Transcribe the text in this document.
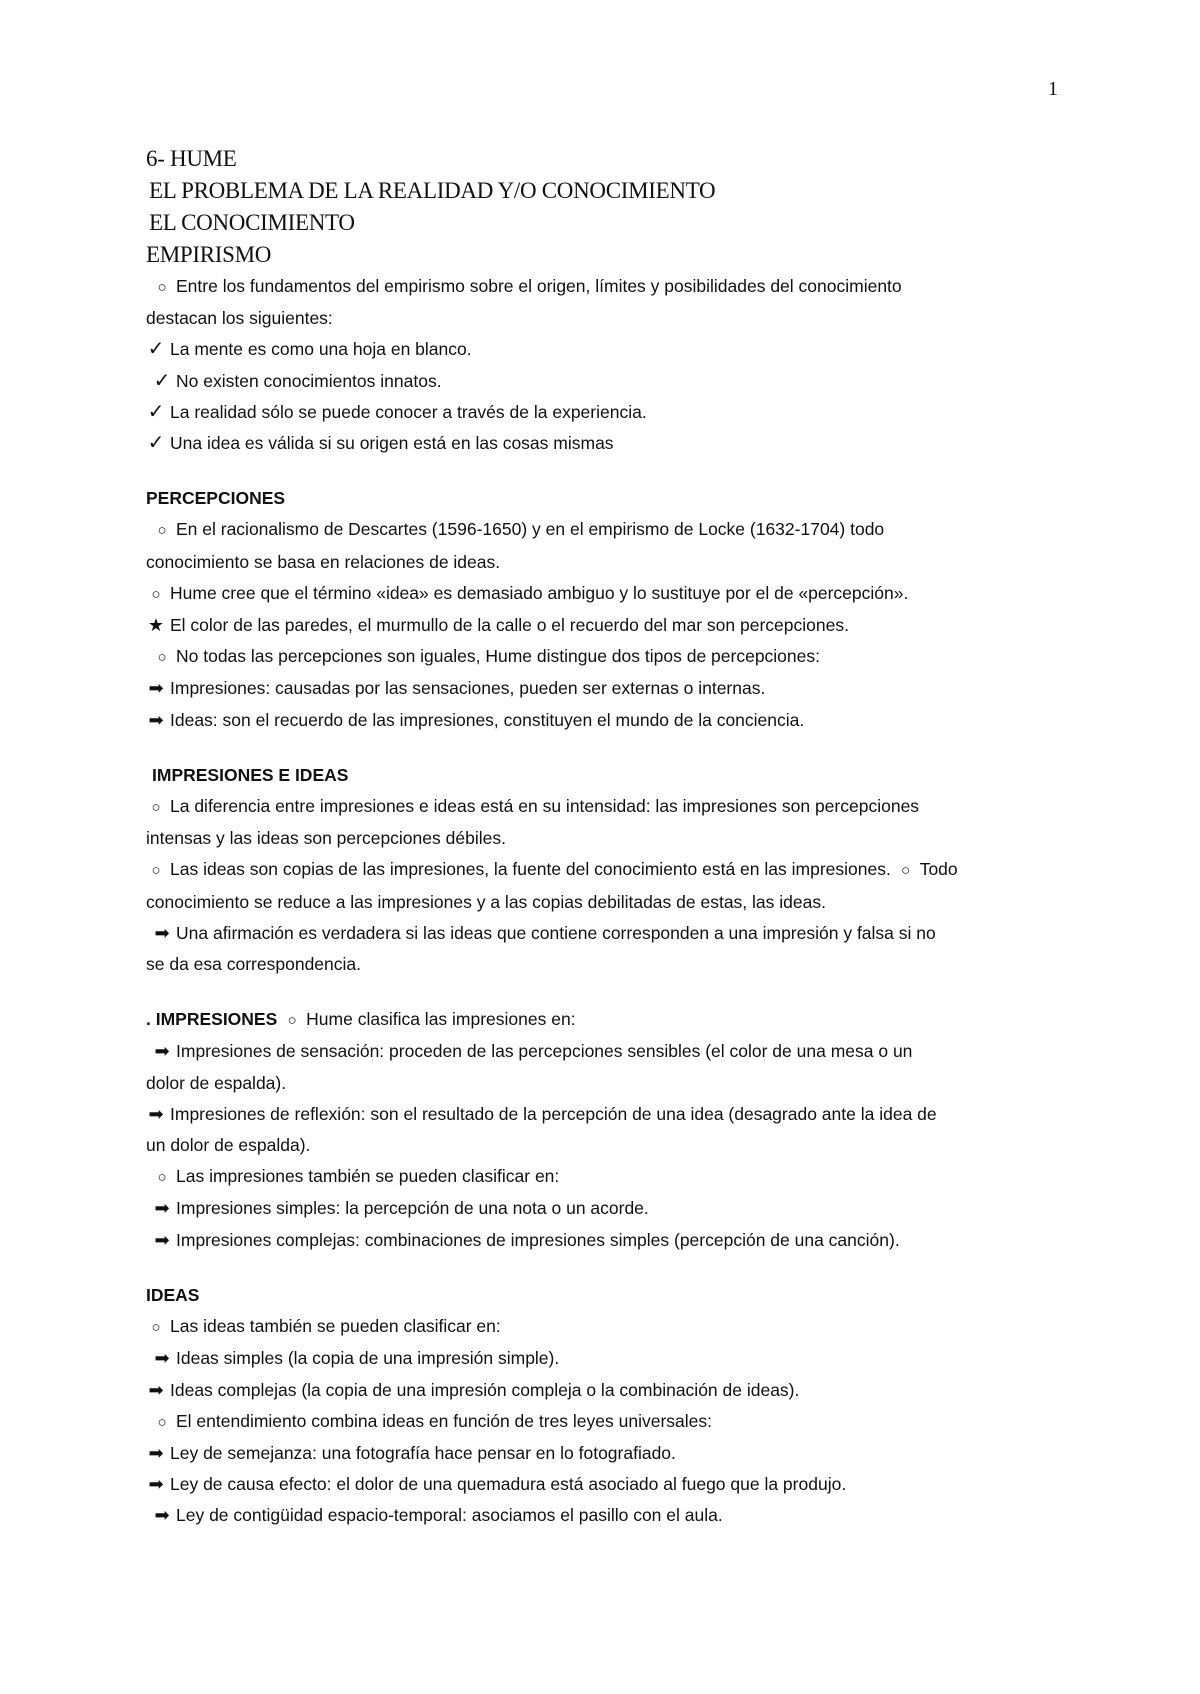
1
6- HUME
EL PROBLEMA DE LA REALIDAD Y/O CONOCIMIENTO
EL CONOCIMIENTO
EMPIRISMO
○ Entre los fundamentos del empirismo sobre el origen, límites y posibilidades del conocimiento
destacan los siguientes:
✓ La mente es como una hoja en blanco.
✓ No existen conocimientos innatos.
✓ La realidad sólo se puede conocer a través de la experiencia.
✓ Una idea es válida si su origen está en las cosas mismas
PERCEPCIONES
○ En el racionalismo de Descartes (1596-1650) y en el empirismo de Locke (1632-1704) todo
conocimiento se basa en relaciones de ideas.
○ Hume cree que el término «idea» es demasiado ambiguo y lo sustituye por el de «percepción».
★ El color de las paredes, el murmullo de la calle o el recuerdo del mar son percepciones.
○ No todas las percepciones son iguales, Hume distingue dos tipos de percepciones:
➡ Impresiones: causadas por las sensaciones, pueden ser externas o internas.
➡ Ideas: son el recuerdo de las impresiones, constituyen el mundo de la conciencia.
IMPRESIONES E IDEAS
○ La diferencia entre impresiones e ideas está en su intensidad: las impresiones son percepciones
intensas y las ideas son percepciones débiles.
○ Las ideas son copias de las impresiones, la fuente del conocimiento está en las impresiones. ○ Todo
conocimiento se reduce a las impresiones y a las copias debilitadas de estas, las ideas.
➡ Una afirmación es verdadera si las ideas que contiene corresponden a una impresión y falsa si no
se da esa correspondencia.
. IMPRESIONES ○ Hume clasifica las impresiones en:
➡ Impresiones de sensación: proceden de las percepciones sensibles (el color de una mesa o un
dolor de espalda).
➡ Impresiones de reflexión: son el resultado de la percepción de una idea (desagrado ante la idea de
un dolor de espalda).
○ Las impresiones también se pueden clasificar en:
➡ Impresiones simples: la percepción de una nota o un acorde.
➡ Impresiones complejas: combinaciones de impresiones simples (percepción de una canción).
IDEAS
○ Las ideas también se pueden clasificar en:
➡ Ideas simples (la copia de una impresión simple).
➡ Ideas complejas (la copia de una impresión compleja o la combinación de ideas).
○ El entendimiento combina ideas en función de tres leyes universales:
➡ Ley de semejanza: una fotografía hace pensar en lo fotografiado.
➡ Ley de causa efecto: el dolor de una quemadura está asociado al fuego que la produjo.
➡ Ley de contigüidad espacio-temporal: asociamos el pasillo con el aula.
